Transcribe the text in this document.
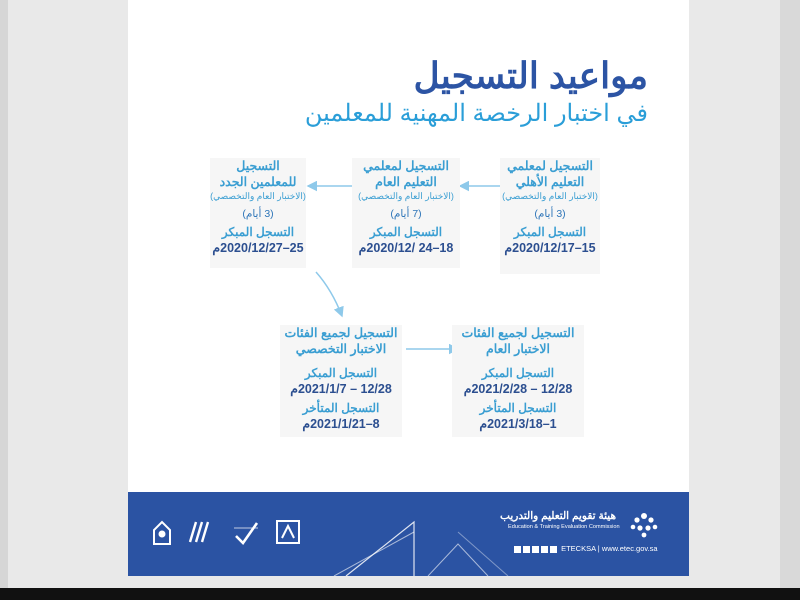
مواعيد التسجيل
في اختبار الرخصة المهنية للمعلمين
التسجيل لمعلمي
التعليم الأهلي
(الاختبار العام والتخصصي)
(3 أيام)
التسجل المبكر
15–2020/12/17م
التسجيل لمعلمي
التعليم العام
(الاختبار العام والتخصصي)
(7 أيام)
التسجل المبكر
18–24 /2020/12م
التسجيل
للمعلمين الجدد
(الاختبار العام والتخصصي)
(3 أيام)
التسجل المبكر
25–2020/12/27م
التسجيل لجميع الفئات
الاختبار التخصصي
التسجل المبكر
12/28 – 2021/1/7م
التسجل المتأخر
8–2021/1/21م
التسجيل لجميع الفئات
الاختبار العام
التسجل المبكر
12/28 – 2021/2/28م
التسجل المتأخر
1–2021/3/18م
هيئة تقويم التعليم والتدريب
Education & Training Evaluation Commission
ETECKSA | www.etec.gov.sa
